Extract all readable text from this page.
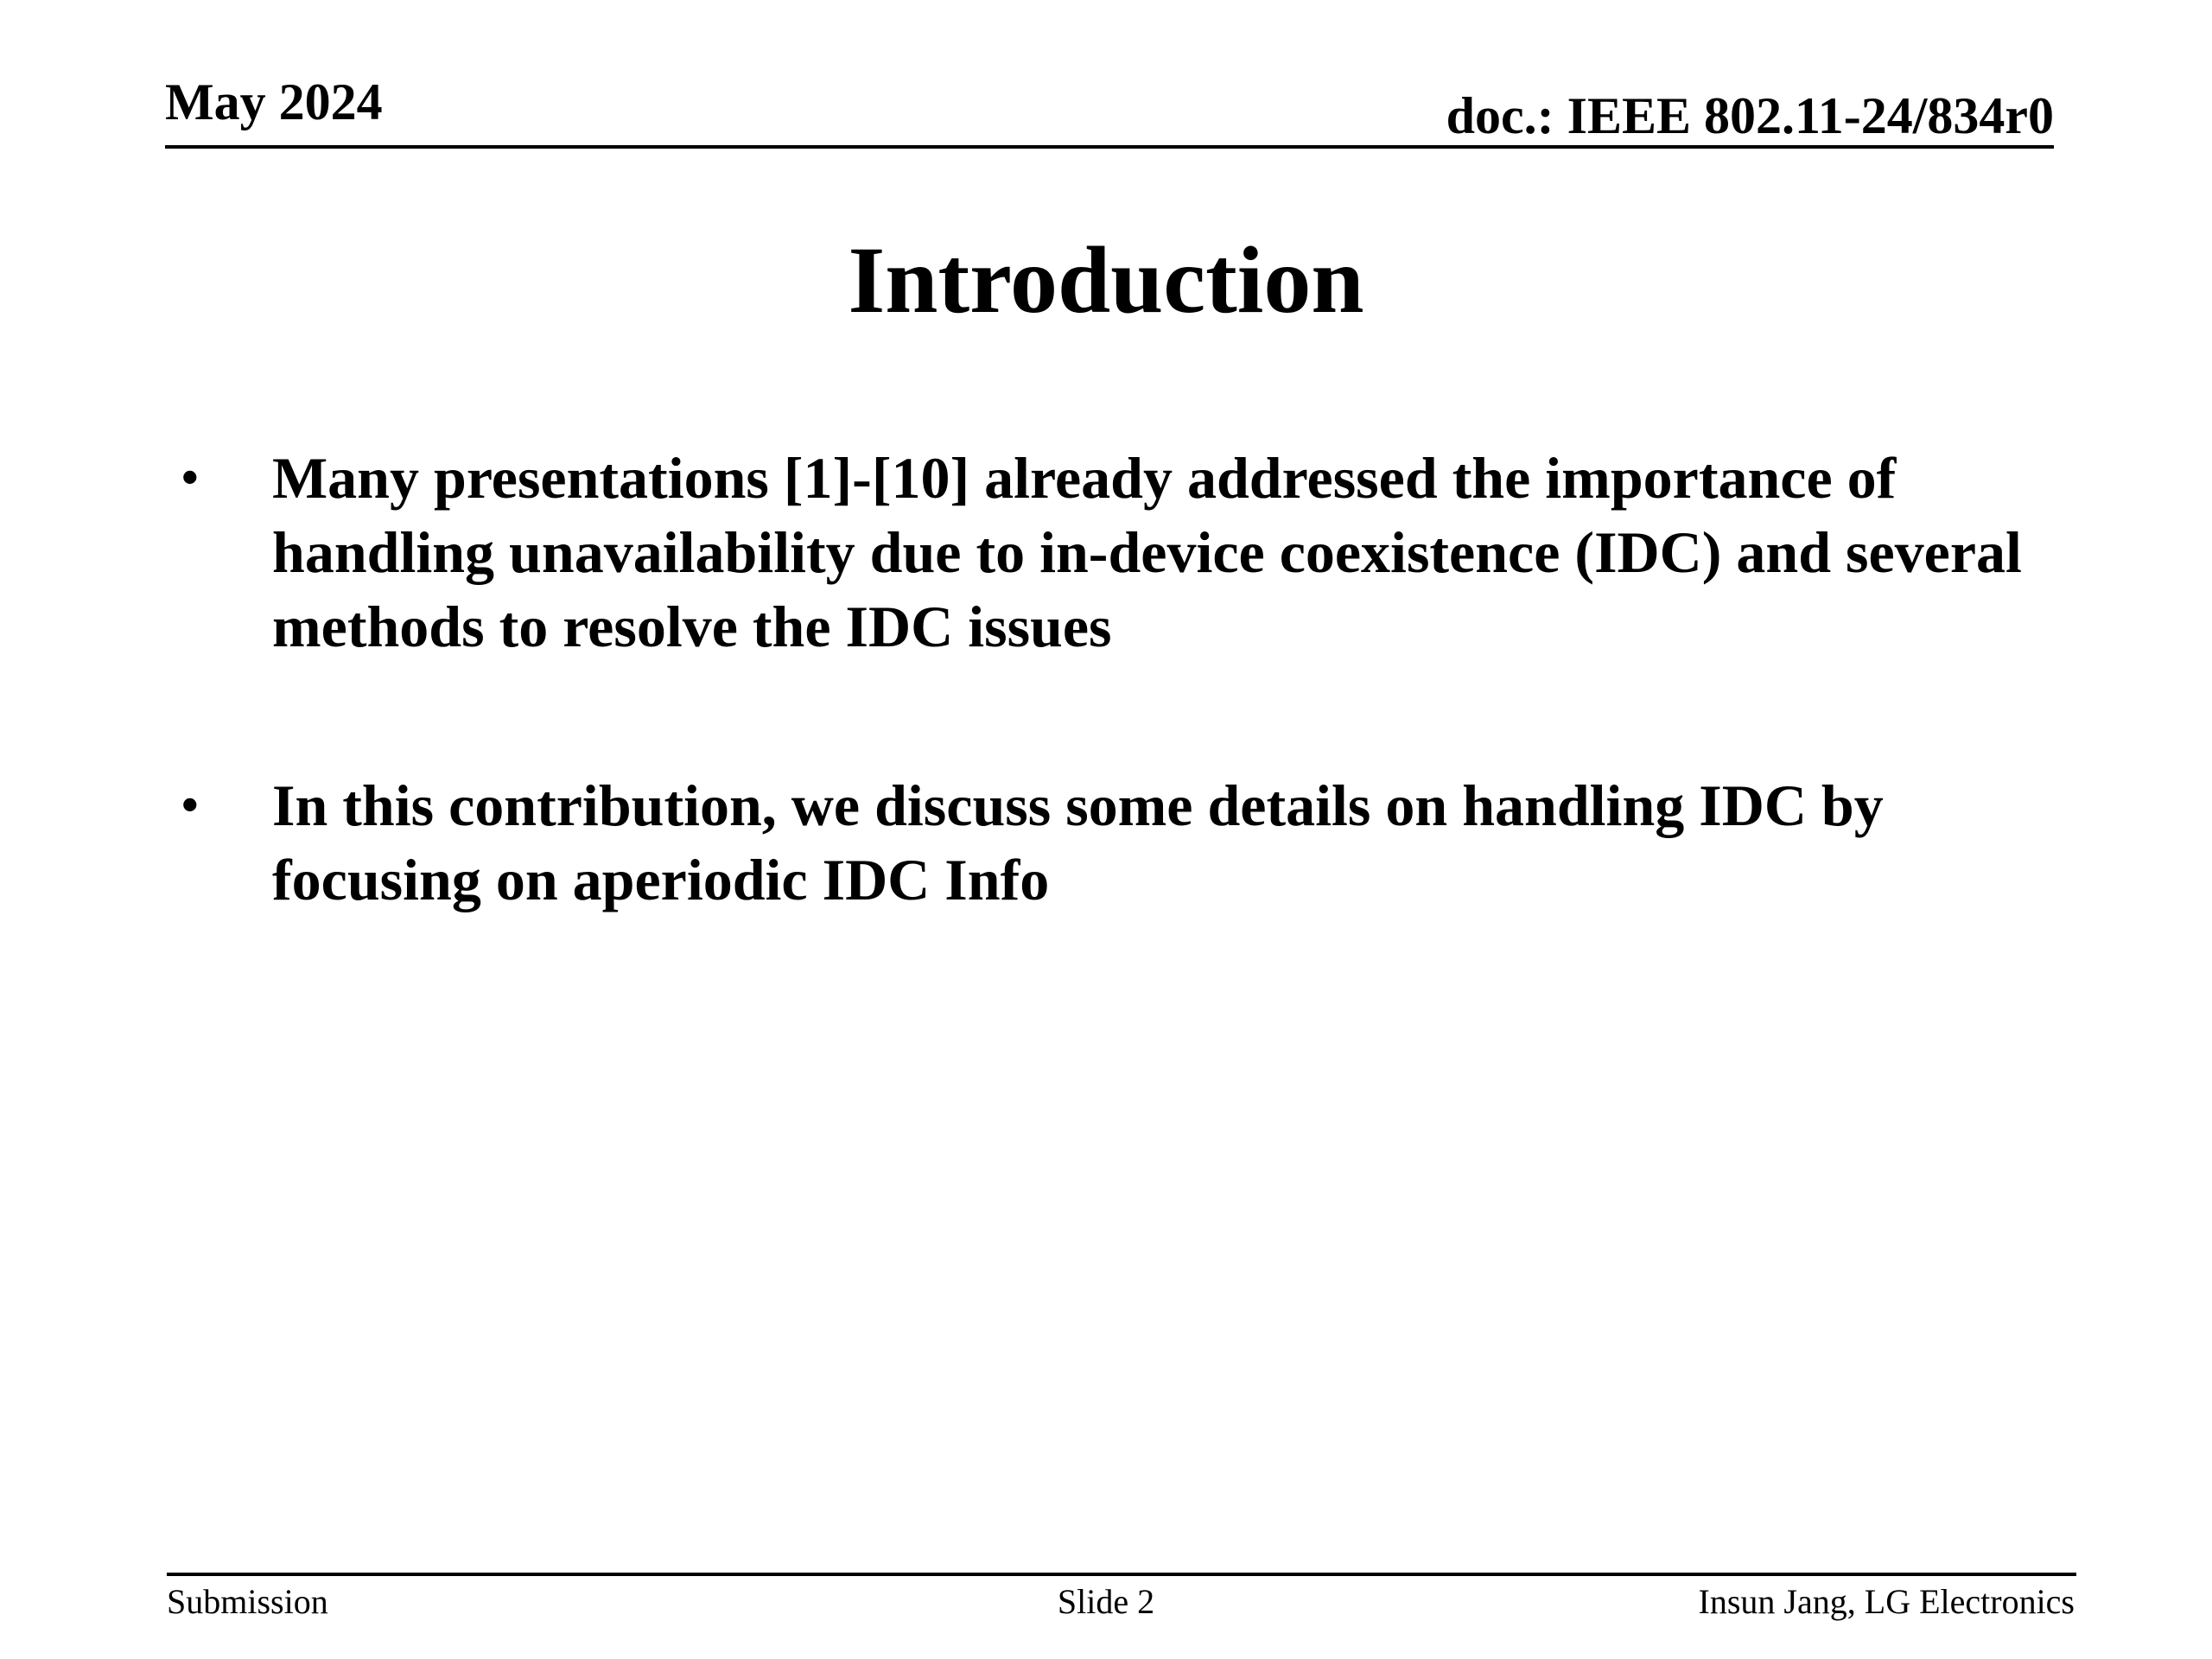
May 2024	doc.: IEEE 802.11-24/834r0
Introduction
• Many presentations [1]-[10] already addressed the importance of handling unavailability due to in-device coexistence (IDC) and several methods to resolve the IDC issues
• In this contribution, we discuss some details on handling IDC by focusing on aperiodic IDC Info
Submission	Slide 2	Insun Jang, LG Electronics
